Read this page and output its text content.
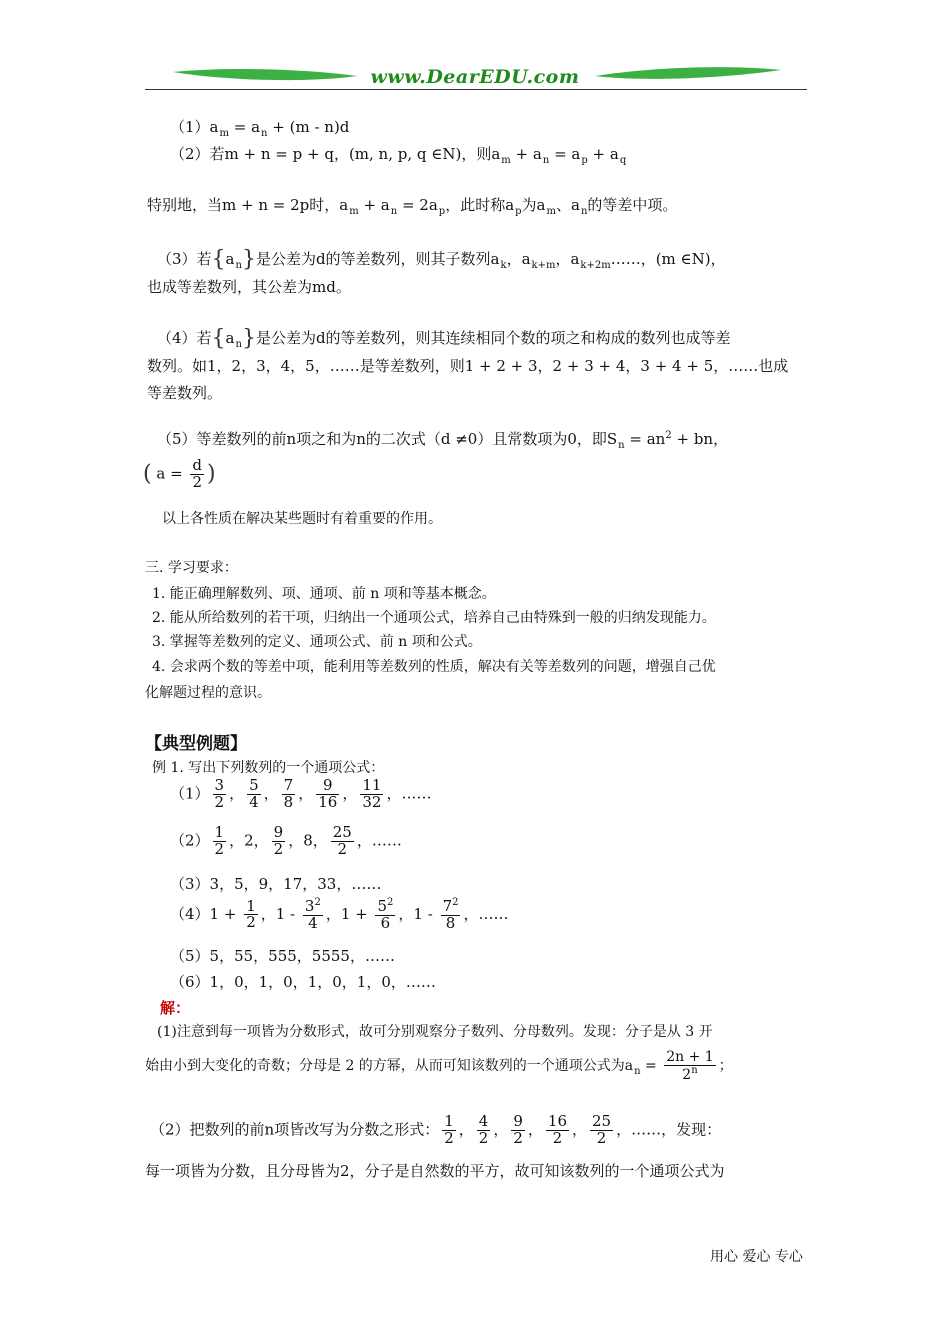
www.DearEDU.com
$(1)a_m = a_n + (m - n)d$
（2）若m + n = p + q，(m, n, p, q ∈N)，则$a_m + a_n = a_p + a_q$
特别地，当m + n = 2p时，$a_m + a_n = 2a_p$，此时称$a_p$为$a_m$、$a_n$的等差中项。
（3）若$\{a_n\}$是公差为d的等差数列，则其子数列$a_k$，$a_{k+m}$，$a_{k+2m}\dots\dots$，(m ∈N)，
也成等差数列，其公差为md。
（4）若$\{a_n\}$是公差为d的等差数列，则其连续相同个数的项之和构成的数列也成等差
数列。如1，2，3，4，5，……是等差数列，则1 + 2 + 3，2 + 3 + 4，3 + 4 + 5，……也成
等差数列。
（5）等差数列的前n项之和为n的二次式（d ≠0）且常数项为0，即$S_n = an^2$ + bn，
( $a = \frac{d}{2}$ )
以上各性质在解决某些题时有着重要的作用。
三. 学习要求：
1. 能正确理解数列、项、通项、前 n 项和等基本概念。
2. 能从所给数列的若干项，归纳出一个通项公式，培养自己由特殊到一般的归纳发现能力。
3. 掌握等差数列的定义、通项公式、前 n 项和公式。
4. 会求两个数的等差中项，能利用等差数列的性质，解决有关等差数列的问题，增强自己优
化解题过程的意识。
【典型例题】
例 1. 写出下列数列的一个通项公式：
$(1) \frac{3}{2}$ ， $\frac{5}{4}$ ， $\frac{7}{8}$ ， $\frac{9}{16}$ ， $\frac{11}{32}$ ，……
$(2) \frac{1}{2}$ ，2， $\frac{9}{2}$ ，8， $\frac{25}{2}$ ，……
（3）3，5，9，17，33，……
$(4)1 + \frac{1}{2}$ ，$1 - \frac{3^2}{4}$ ，$1 + \frac{5^2}{6}$ ，$1 - \frac{7^2}{8}$ ，……
（5）5，55，555，5555，……
（6）1，0，1，0，1，0，1，0，……
解：
(1)注意到每一项皆为分数形式，故可分别观察分子数列、分母数列。发现：分子是从 3 开
始由小到大变化的奇数；分母是 2 的方幂，从而可知该数列的一个通项公式为$a_n = \frac{2n + 1}{2^n}$ ；
（2）把数列的前n项皆改写为分数之形式： $\frac{1}{2}$ ， $\frac{4}{2}$ ， $\frac{9}{2}$ ， $\frac{16}{2}$ ， $\frac{25}{2}$ ，……，发现：
每一项皆为分数，且分母皆为2，分子是自然数的平方，故可知该数列的一个通项公式为
用心 爱心 专心
